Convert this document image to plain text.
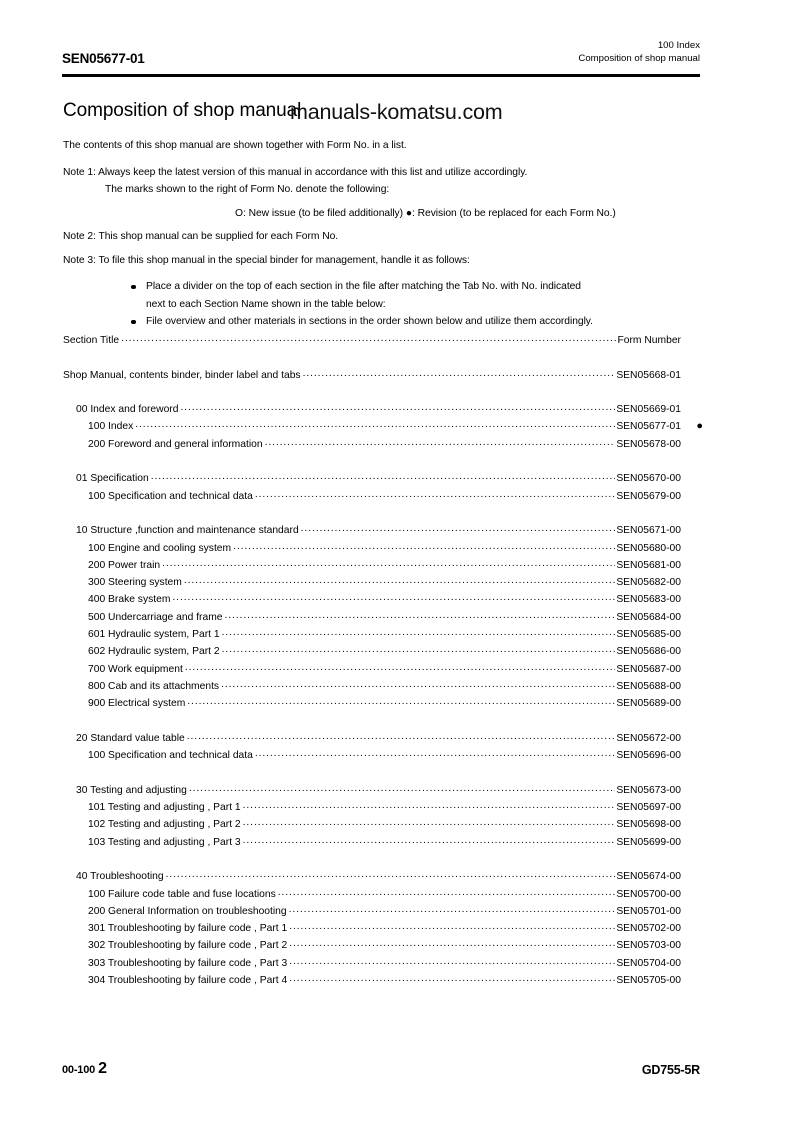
SEN05677-01
100 Index
Composition of shop manual
Composition of shop manual
manuals-komatsu.com

The contents of this shop manual are shown together with Form No. in a list.

Note 1: Always keep the latest version of this manual in accordance with this list and utilize accordingly.

The marks shown to the right of Form No. denote the following:

O: New issue (to be filed additionally) ●: Revision (to be replaced for each Form No.)

Note 2: This shop manual can be supplied for each Form No.

Note 3: To file this shop manual in the special binder for management, handle it as follows:

Place a divider on the top of each section in the file after matching the Tab No. with No. indicated
next to each Section Name shown in the table below:
File overview and other materials in sections in the order shown below and utilize them accordingly.
Section Title .....	Form Number
Shop Manual, contents binder, binder label and tabs .....	SEN05668-01
00 Index and foreword .....	SEN05669-01
100 Index .....	SEN05677-01	●
200 Foreword and general information .....	SEN05678-00
01 Specification .....	SEN05670-00
100 Specification and technical data .....	SEN05679-00
10 Structure ,function and maintenance standard .....	SEN05671-00
100 Engine and cooling system .....	SEN05680-00
200 Power train .....	SEN05681-00
300 Steering system .....	SEN05682-00
400 Brake system .....	SEN05683-00
500 Undercarriage and frame .....	SEN05684-00
601 Hydraulic system, Part 1 .....	SEN05685-00
602 Hydraulic system, Part 2 .....	SEN05686-00
700 Work equipment .....	SEN05687-00
800 Cab and its attachments .....	SEN05688-00
900 Electrical system .....	SEN05689-00
20 Standard value table .....	SEN05672-00
100 Specification and technical data .....	SEN05696-00
30 Testing and adjusting .....	SEN05673-00
101 Testing and adjusting , Part 1 .....	SEN05697-00
102 Testing and adjusting , Part 2 .....	SEN05698-00
103 Testing and adjusting , Part 3 .....	SEN05699-00
40 Troubleshooting .....	SEN05674-00
100 Failure code table and fuse locations .....	SEN05700-00
200 General Information on troubleshooting .....	SEN05701-00
301 Troubleshooting by failure code , Part 1 .....	SEN05702-00
302 Troubleshooting by failure code , Part 2 .....	SEN05703-00
303 Troubleshooting by failure code , Part 3 .....	SEN05704-00
304 Troubleshooting by failure code , Part 4 .....	SEN05705-00
00-100 2	GD755-5R
